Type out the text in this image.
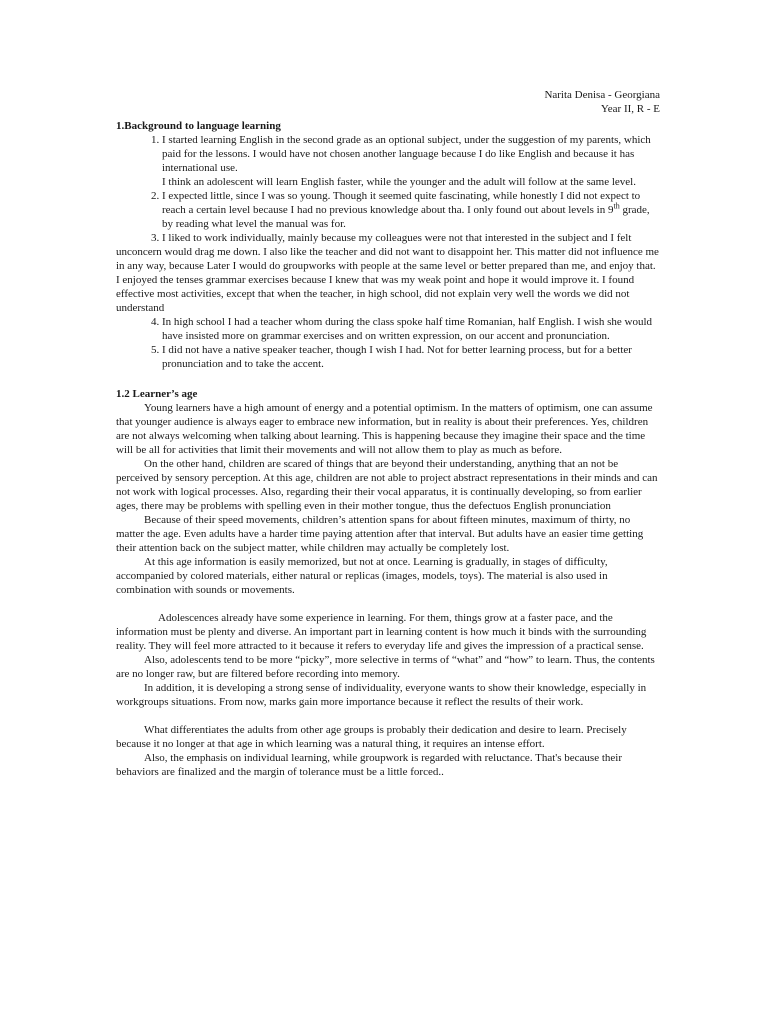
Narita Denisa - Georgiana
Year II, R - E
1.Background to language learning
1. I started learning English in the second grade as an optional subject, under the suggestion of my parents, which paid for the lessons. I would have not chosen another language because I do like English and because it has international use.
I think an adolescent will learn English faster, while the younger and the adult will follow at the same level.
2. I expected little, since I was so young. Though it seemed quite fascinating, while honestly I did not expect to reach a certain level because I had no previous knowledge about tha. I only found out about levels in 9th grade, by reading what level the manual was for.
3. I liked to work individually, mainly because my colleagues were not that interested in the subject and I felt
unconcern would drag me down. I also like the teacher and did not want to disappoint her. This matter did not influence me in any way, because Later I would do groupworks with people at the same level or better prepared than me, and enjoy that. I enjoyed the tenses grammar exercises because I knew that was my weak point and hope it would improve it. I found effective most activities, except that when the teacher, in high school, did not explain very well the words we did not understand
4. In high school I had a teacher whom during the class spoke half time Romanian, half English. I wish she would have insisted more on grammar exercises and on written expression, on our accent and pronunciation.
5. I did not have a native speaker teacher, though I wish I had. Not for better learning process, but for a better pronunciation and to take the accent.
1.2 Learner’s age

Young learners have a high amount of energy and a potential optimism. In the matters of optimism, one can assume that younger audience is always eager to embrace new information, but in reality is about their preferences. Yes, children are not always welcoming when talking about learning. This is happening because they imagine their space and the time will be all for activities that limit their movements and will not allow them to play as much as before.

On the other hand, children are scared of things that are beyond their understanding, anything that an not be perceived by sensory perception. At this age, children are not able to project abstract representations in their minds and can not work with logical processes. Also, regarding their their vocal apparatus, it is continually developing, so from earlier ages, there may be problems with spelling even in their mother tongue, thus the defectuos English pronunciation

Because of their speed movements, children’s attention spans for about fifteen minutes, maximum of thirty, no matter the age. Even adults have a harder time paying attention after that interval. But adults have an easier time getting their attention back on the subject matter, while children may actually be completely lost.

At this age information is easily memorized, but not at once. Learning is gradually, in stages of difficulty, accompanied by colored materials, either natural or replicas (images, models, toys). The material is also used in combination with sounds or movements.

Adolescences already have some experience in learning. For them, things grow at a faster pace, and the information must be plenty and diverse. An important part in learning content is how much it binds with the surrounding reality. They will feel more attracted to it because it refers to everyday life and gives the impression of a practical sense.

Also, adolescents tend to be more “picky”, more selective in terms of “what” and “how” to learn. Thus, the contents are no longer raw, but are filtered before recording into memory.

In addition, it is developing a strong sense of individuality, everyone wants to show their knowledge, especially in workgroups situations. From now, marks gain more importance because it reflect the results of their work.

What differentiates the adults from other age groups is probably their dedication and desire to learn. Precisely because it no longer at that age in which learning was a natural thing, it requires an intense effort.

Also, the emphasis on individual learning, while groupwork is regarded with reluctance. That's because their behaviors are finalized and the margin of tolerance must be a little forced..
